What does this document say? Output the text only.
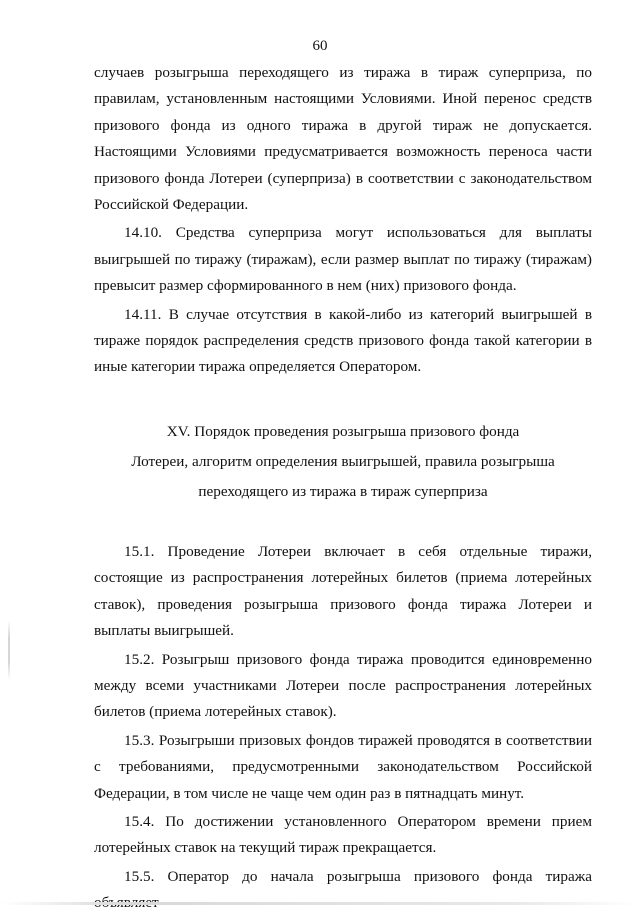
60

случаев розыгрыша переходящего из тиража в тираж суперприза, по правилам, установленным настоящими Условиями. Иной перенос средств призового фонда из одного тиража в другой тираж не допускается. Настоящими Условиями предусматривается возможность переноса части призового фонда Лотереи (суперприза) в соответствии с законодательством Российской Федерации.

14.10. Средства суперприза могут использоваться для выплаты выигрышей по тиражу (тиражам), если размер выплат по тиражу (тиражам) превысит размер сформированного в нем (них) призового фонда.

14.11. В случае отсутствия в какой-либо из категорий выигрышей в тираже порядок распределения средств призового фонда такой категории в иные категории тиража определяется Оператором.

XV. Порядок проведения розыгрыша призового фонда
Лотереи, алгоритм определения выигрышей, правила розыгрыша
переходящего из тиража в тираж суперприза

15.1. Проведение Лотереи включает в себя отдельные тиражи, состоящие из распространения лотерейных билетов (приема лотерейных ставок), проведения розыгрыша призового фонда тиража Лотереи и выплаты выигрышей.

15.2. Розыгрыш призового фонда тиража проводится единовременно между всеми участниками Лотереи после распространения лотерейных билетов (приема лотерейных ставок).

15.3. Розыгрыши призовых фондов тиражей проводятся в соответствии с требованиями, предусмотренными законодательством Российской Федерации, в том числе не чаще чем один раз в пятнадцать минут.

15.4. По достижении установленного Оператором времени прием лотерейных ставок на текущий тираж прекращается.

15.5. Оператор до начала розыгрыша призового фонда тиража
